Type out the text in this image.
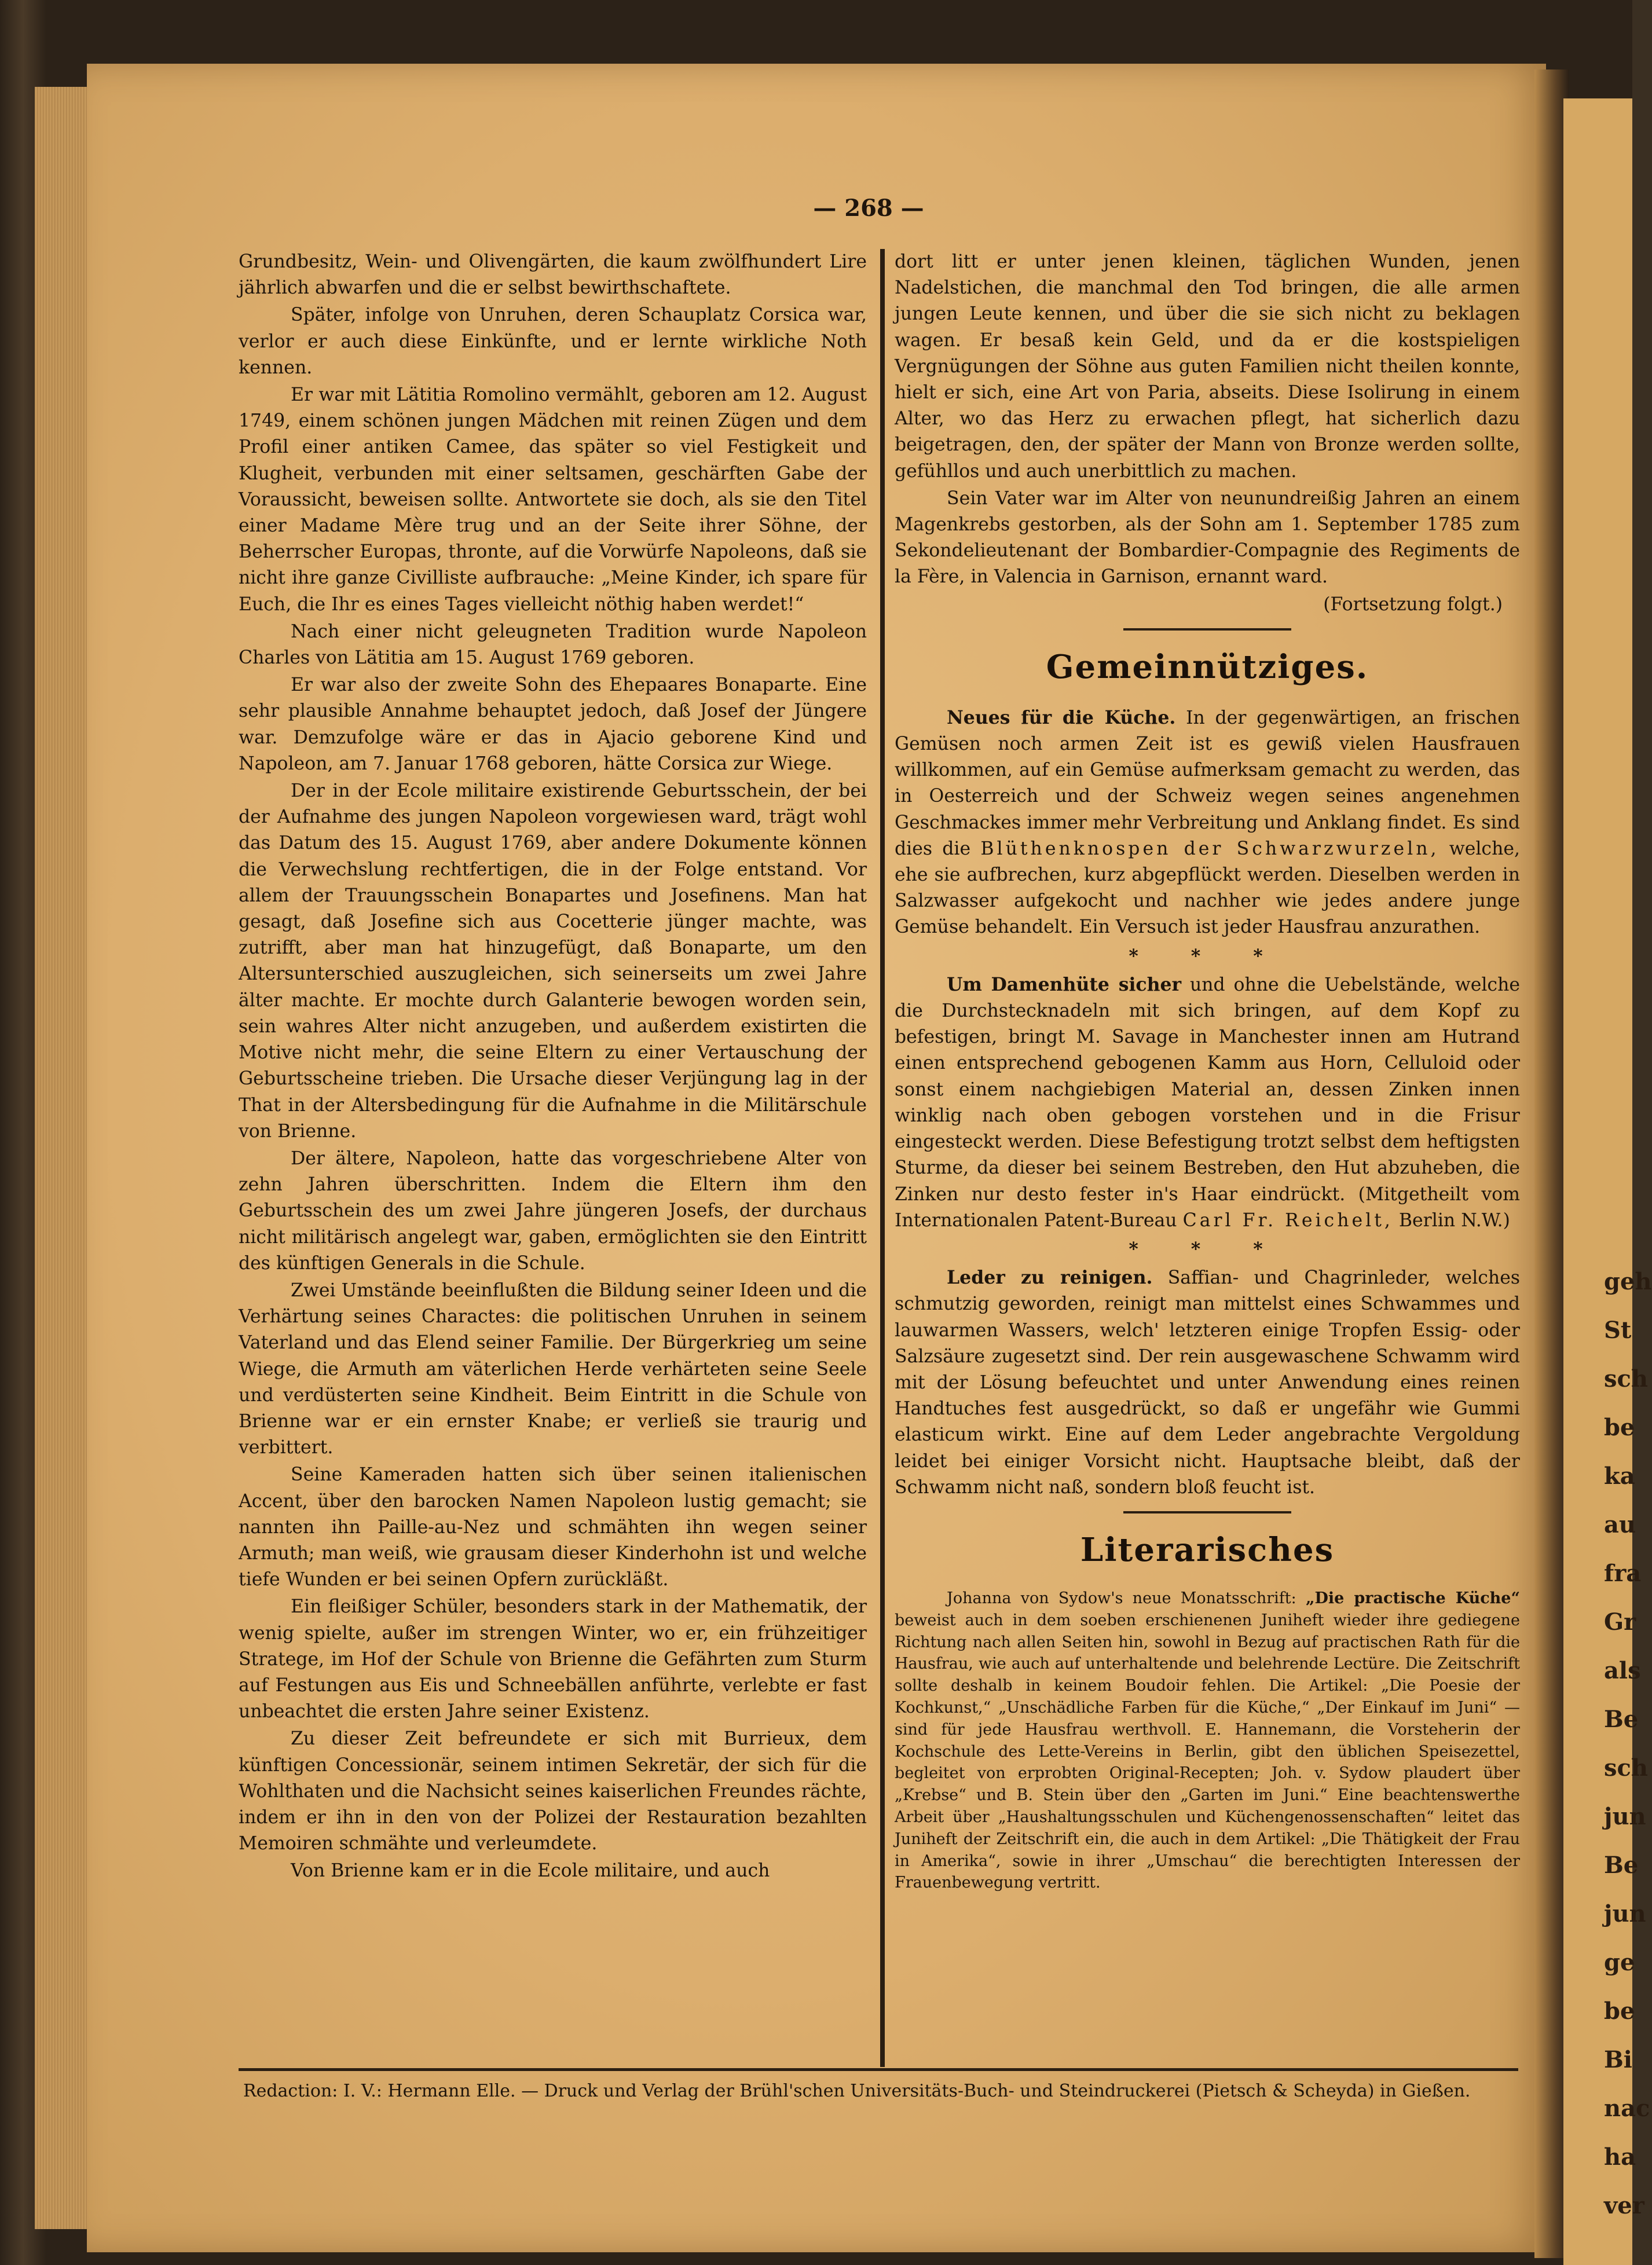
geh
St
sch
be
ka
au
fra
Gr
als
Be
sch
jun
Be
jun
ge
be
Bi
nac
ha
ver
— 268 —

Grundbesitz, Wein- und Olivengärten, die kaum zwölfhundert Lire jährlich abwarfen und die er selbst bewirthschaftete.

Später, infolge von Unruhen, deren Schauplatz Corsica war, verlor er auch diese Einkünfte, und er lernte wirkliche Noth kennen.

Er war mit Lätitia Romolino vermählt, geboren am 12. August 1749, einem schönen jungen Mädchen mit reinen Zügen und dem Profil einer antiken Camee, das später so viel Festigkeit und Klugheit, verbunden mit einer seltsamen, geschärften Gabe der Voraussicht, beweisen sollte. Antwortete sie doch, als sie den Titel einer Madame Mère trug und an der Seite ihrer Söhne, der Beherrscher Europas, thronte, auf die Vorwürfe Napoleons, daß sie nicht ihre ganze Civilliste aufbrauche: „Meine Kinder, ich spare für Euch, die Ihr es eines Tages vielleicht nöthig haben werdet!“

Nach einer nicht geleugneten Tradition wurde Napoleon Charles von Lätitia am 15. August 1769 geboren.

Er war also der zweite Sohn des Ehepaares Bonaparte. Eine sehr plausible Annahme behauptet jedoch, daß Josef der Jüngere war. Demzufolge wäre er das in Ajacio geborene Kind und Napoleon, am 7. Januar 1768 geboren, hätte Corsica zur Wiege.

Der in der Ecole militaire existirende Geburtsschein, der bei der Aufnahme des jungen Napoleon vorgewiesen ward, trägt wohl das Datum des 15. August 1769, aber andere Dokumente können die Verwechslung rechtfertigen, die in der Folge entstand. Vor allem der Trauungsschein Bonapartes und Josefinens. Man hat gesagt, daß Josefine sich aus Cocetterie jünger machte, was zutrifft, aber man hat hinzugefügt, daß Bonaparte, um den Altersunterschied auszugleichen, sich seinerseits um zwei Jahre älter machte. Er mochte durch Galanterie bewogen worden sein, sein wahres Alter nicht anzugeben, und außerdem existirten die Motive nicht mehr, die seine Eltern zu einer Vertauschung der Geburtsscheine trieben. Die Ursache dieser Verjüngung lag in der That in der Altersbedingung für die Aufnahme in die Militärschule von Brienne.

Der ältere, Napoleon, hatte das vorgeschriebene Alter von zehn Jahren überschritten. Indem die Eltern ihm den Geburtsschein des um zwei Jahre jüngeren Josefs, der durchaus nicht militärisch angelegt war, gaben, ermöglichten sie den Eintritt des künftigen Generals in die Schule.

Zwei Umstände beeinflußten die Bildung seiner Ideen und die Verhärtung seines Charactes: die politischen Unruhen in seinem Vaterland und das Elend seiner Familie. Der Bürgerkrieg um seine Wiege, die Armuth am väterlichen Herde verhärteten seine Seele und verdüsterten seine Kindheit. Beim Eintritt in die Schule von Brienne war er ein ernster Knabe; er verließ sie traurig und verbittert.

Seine Kameraden hatten sich über seinen italienischen Accent, über den barocken Namen Napoleon lustig gemacht; sie nannten ihn Paille-au-Nez und schmähten ihn wegen seiner Armuth; man weiß, wie grausam dieser Kinderhohn ist und welche tiefe Wunden er bei seinen Opfern zurückläßt.

Ein fleißiger Schüler, besonders stark in der Mathematik, der wenig spielte, außer im strengen Winter, wo er, ein frühzeitiger Stratege, im Hof der Schule von Brienne die Gefährten zum Sturm auf Festungen aus Eis und Schneebällen anführte, verlebte er fast unbeachtet die ersten Jahre seiner Existenz.

Zu dieser Zeit befreundete er sich mit Burrieux, dem künftigen Concessionär, seinem intimen Sekretär, der sich für die Wohlthaten und die Nachsicht seines kaiserlichen Freundes rächte, indem er ihn in den von der Polizei der Restauration bezahlten Memoiren schmähte und verleumdete.

Von Brienne kam er in die Ecole militaire, und auch

dort litt er unter jenen kleinen, täglichen Wunden, jenen Nadelstichen, die manchmal den Tod bringen, die alle armen jungen Leute kennen, und über die sie sich nicht zu beklagen wagen. Er besaß kein Geld, und da er die kostspieligen Vergnügungen der Söhne aus guten Familien nicht theilen konnte, hielt er sich, eine Art von Paria, abseits. Diese Isolirung in einem Alter, wo das Herz zu erwachen pflegt, hat sicherlich dazu beigetragen, den, der später der Mann von Bronze werden sollte, gefühllos und auch unerbittlich zu machen.

Sein Vater war im Alter von neunundreißig Jahren an einem Magenkrebs gestorben, als der Sohn am 1. September 1785 zum Sekondelieutenant der Bombardier-Compagnie des Regiments de la Fère, in Valencia in Garnison, ernannt ward.

(Fortsetzung folgt.)

Gemeinnütziges.

Neues für die Küche. In der gegenwärtigen, an frischen Gemüsen noch armen Zeit ist es gewiß vielen Hausfrauen willkommen, auf ein Gemüse aufmerksam gemacht zu werden, das in Oesterreich und der Schweiz wegen seines angenehmen Geschmackes immer mehr Verbreitung und Anklang findet. Es sind dies die Blüthenknospen der Schwarzwurzeln, welche, ehe sie aufbrechen, kurz abgepflückt werden. Dieselben werden in Salzwasser aufgekocht und nachher wie jedes andere junge Gemüse behandelt. Ein Versuch ist jeder Hausfrau anzurathen.

* * *

Um Damenhüte sicher und ohne die Uebelstände, welche die Durchstecknadeln mit sich bringen, auf dem Kopf zu befestigen, bringt M. Savage in Manchester innen am Hutrand einen entsprechend gebogenen Kamm aus Horn, Celluloid oder sonst einem nachgiebigen Material an, dessen Zinken innen winklig nach oben gebogen vorstehen und in die Frisur eingesteckt werden. Diese Befestigung trotzt selbst dem heftigsten Sturme, da dieser bei seinem Bestreben, den Hut abzuheben, die Zinken nur desto fester in's Haar eindrückt. (Mitgetheilt vom Internationalen Patent-Bureau Carl Fr. Reichelt, Berlin N.W.)

* * *

Leder zu reinigen. Saffian- und Chagrinleder, welches schmutzig geworden, reinigt man mittelst eines Schwammes und lauwarmen Wassers, welch' letzteren einige Tropfen Essig- oder Salzsäure zugesetzt sind. Der rein ausgewaschene Schwamm wird mit der Lösung befeuchtet und unter Anwendung eines reinen Handtuches fest ausgedrückt, so daß er ungefähr wie Gummi elasticum wirkt. Eine auf dem Leder angebrachte Vergoldung leidet bei einiger Vorsicht nicht. Hauptsache bleibt, daß der Schwamm nicht naß, sondern bloß feucht ist.

Literarisches

Johanna von Sydow's neue Monatsschrift: „Die practische Küche“ beweist auch in dem soeben erschienenen Juniheft wieder ihre gediegene Richtung nach allen Seiten hin, sowohl in Bezug auf practischen Rath für die Hausfrau, wie auch auf unterhaltende und belehrende Lectüre. Die Zeitschrift sollte deshalb in keinem Boudoir fehlen. Die Artikel: „Die Poesie der Kochkunst,“ „Unschädliche Farben für die Küche,“ „Der Einkauf im Juni“ — sind für jede Hausfrau werthvoll. E. Hannemann, die Vorsteherin der Kochschule des Lette-Vereins in Berlin, gibt den üblichen Speisezettel, begleitet von erprobten Original-Recepten; Joh. v. Sydow plaudert über „Krebse“ und B. Stein über den „Garten im Juni.“ Eine beachtenswerthe Arbeit über „Haushaltungsschulen und Küchengenossenschaften“ leitet das Juniheft der Zeitschrift ein, die auch in dem Artikel: „Die Thätigkeit der Frau in Amerika“, sowie in ihrer „Umschau“ die berechtigten Interessen der Frauenbewegung vertritt.

Redaction: I. V.: Hermann Elle. — Druck und Verlag der Brühl'schen Universitäts-Buch- und Steindruckerei (Pietsch & Scheyda) in Gießen.
